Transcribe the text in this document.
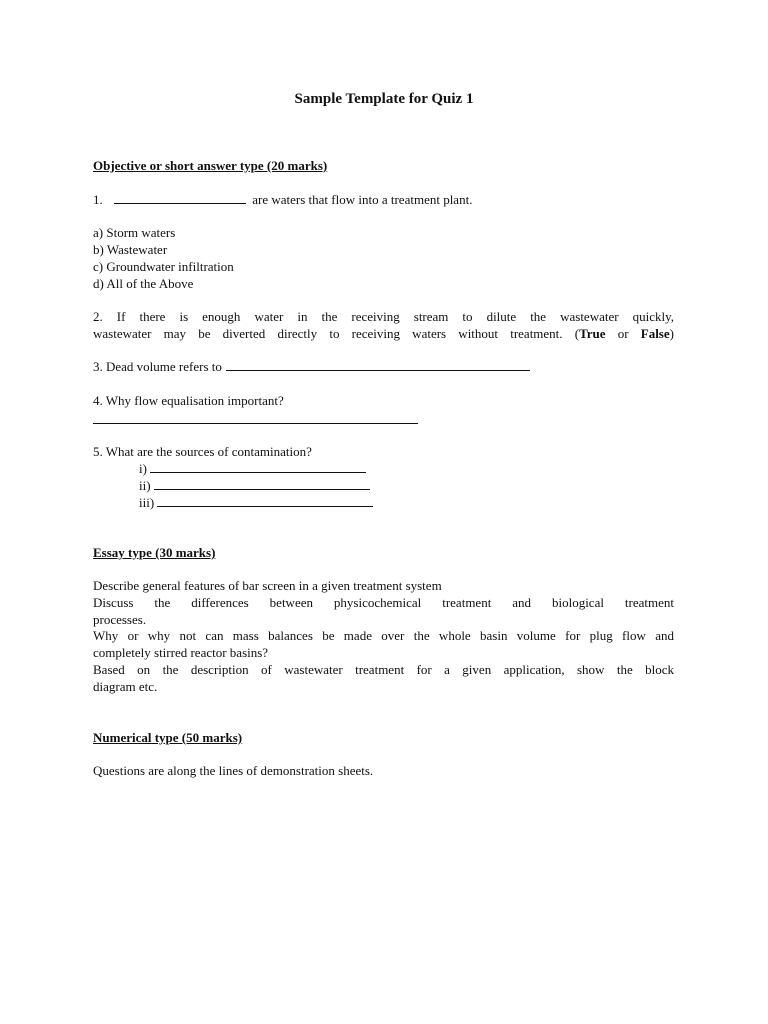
Sample Template for Quiz 1

Objective or short answer type (20 marks)

1.	are waters that flow into a treatment plant.

a) Storm waters

b) Wastewater

c) Groundwater infiltration

d) All of the Above

2. If there is enough water in the receiving stream to dilute the wastewater quickly,

wastewater may be diverted directly to receiving waters without treatment. (True or False)

3. Dead volume refers to

4. Why flow equalisation important?

5. What are the sources of contamination?

i)
ii)
iii)

Essay type (30 marks)

Describe general features of bar screen in a given treatment system

Discuss the differences between physicochemical treatment and biological treatment

processes.

Why or why not can mass balances be made over the whole basin volume for plug flow and

completely stirred reactor basins?

Based on the description of wastewater treatment for a given application, show the block

diagram etc.

Numerical type (50 marks)

Questions are along the lines of demonstration sheets.
